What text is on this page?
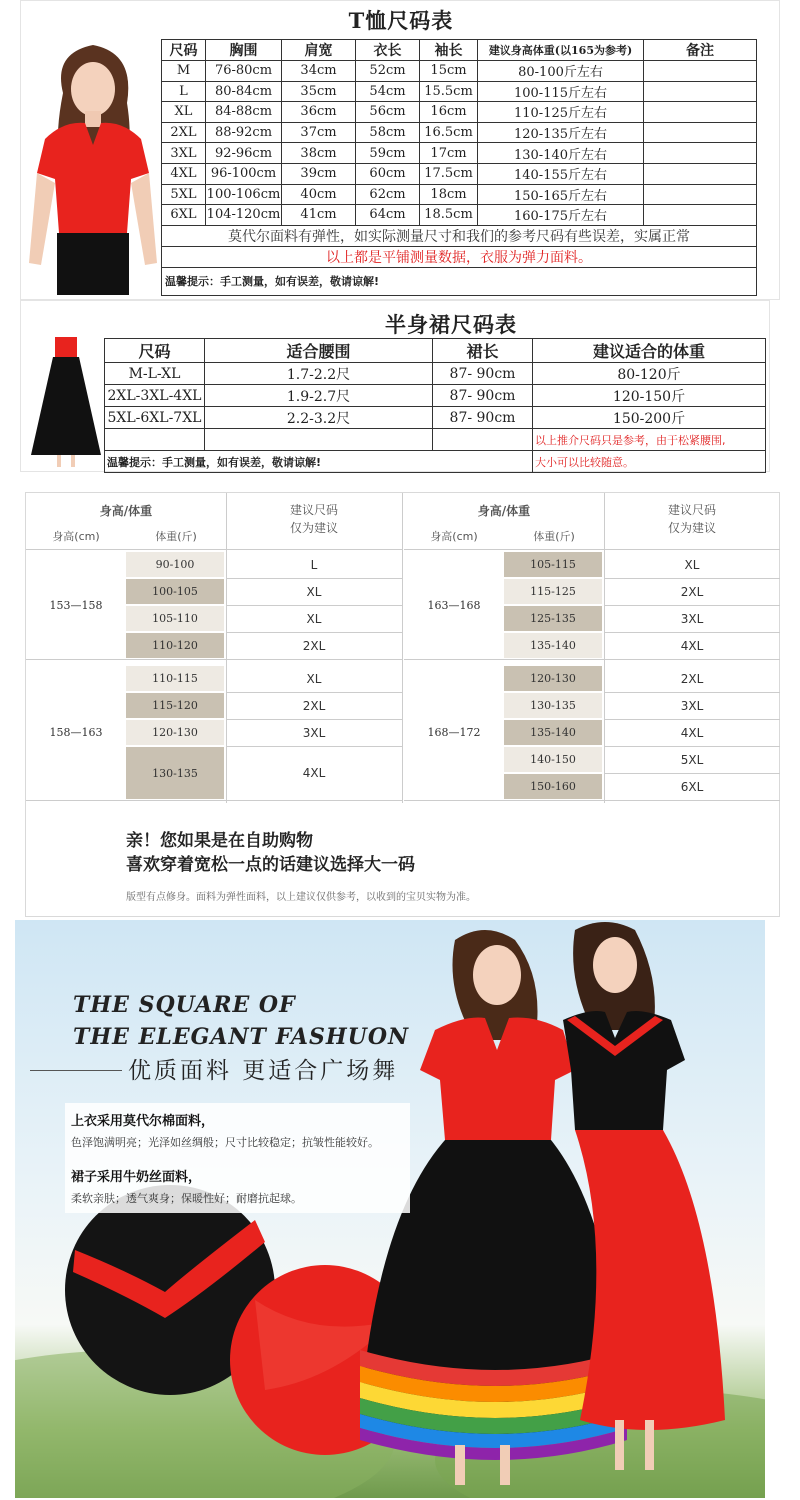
T恤尺码表
尺码	胸围	肩宽	衣长	袖长	建议身高体重(以165为参考)	备注
M	76-80cm	34cm	52cm	15cm	80-100斤左右	
L	80-84cm	35cm	54cm	15.5cm	100-115斤左右	
XL	84-88cm	36cm	56cm	16cm	110-125斤左右	
2XL	88-92cm	37cm	58cm	16.5cm	120-135斤左右	
3XL	92-96cm	38cm	59cm	17cm	130-140斤左右	
4XL	96-100cm	39cm	60cm	17.5cm	140-155斤左右	
5XL	100-106cm	40cm	62cm	18cm	150-165斤左右	
6XL	104-120cm	41cm	64cm	18.5cm	160-175斤左右	
莫代尔面料有弹性，如实际测量尺寸和我们的参考尺码有些误差，实属正常						
以上都是平铺测量数据，衣服为弹力面料。						
温馨提示：手工测量，如有误差，敬请谅解!						
半身裙尺码表
尺码	适合腰围	裙长	建议适合的体重
M-L-XL	1.7-2.2尺	87- 90cm	80-120斤
2XL-3XL-4XL	1.9-2.7尺	87- 90cm	120-150斤
5XL-6XL-7XL	2.2-3.2尺	87- 90cm	150-200斤
			以上推介尺码只是参考，由于松紧腰围,
温馨提示：手工测量，如有误差，敬请谅解!			大小可以比较随意。
身高/体重
身高(cm)	体重(斤)
建议尺码
仅为建议
153—158
90-100	L
100-105	XL
105-110	XL
110-120	2XL
158—163
110-115	XL
115-120	2XL
120-130	3XL
130-135	4XL
身高/体重
身高(cm)	体重(斤)
建议尺码
仅为建议
163—168
105-115	XL
115-125	2XL
125-135	3XL
135-140	4XL
168—172
120-130	2XL
130-135	3XL
135-140	4XL
140-150	5XL
150-160	6XL
亲！您如果是在自助购物
喜欢穿着宽松一点的话建议选择大一码
版型有点修身。面料为弹性面料，以上建议仅供参考，以收到的宝贝实物为准。
THE SQUARE OF
THE ELEGANT FASHUON
优质面料 更适合广场舞
上衣采用莫代尔棉面料，
色泽饱满明亮；光泽如丝绸般；尺寸比较稳定；抗皱性能较好。
裙子采用牛奶丝面料，
柔软亲肤；透气爽身；保暖性好；耐磨抗起球。
